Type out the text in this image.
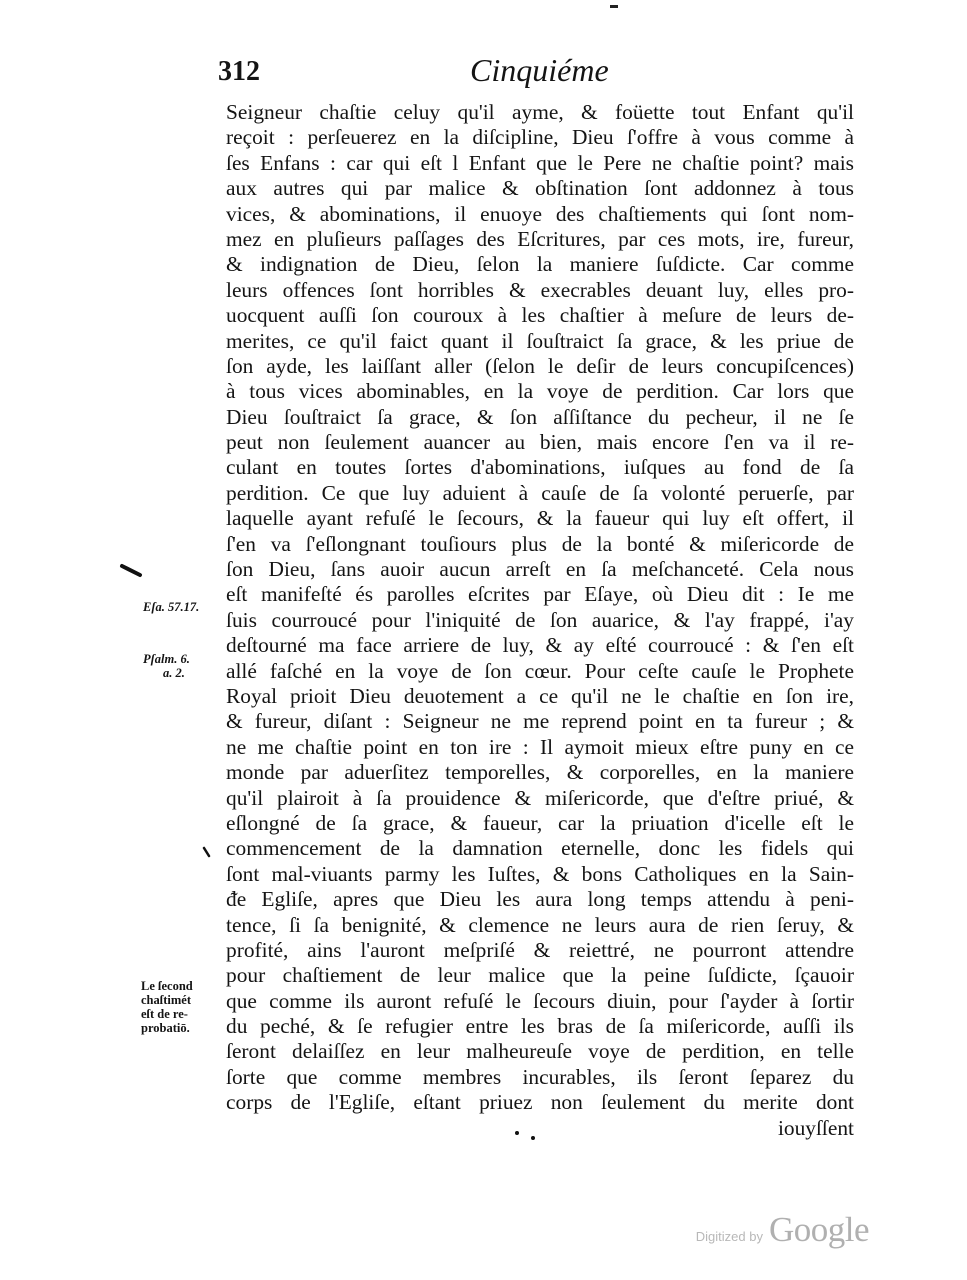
312	Cinquiéme
Seigneur chaſtie celuy qu'il ayme, & foüette tout Enfant qu'il
reçoit : perſeuerez en la diſcipline, Dieu ſ'offre à vous comme à
ſes Enfans : car qui eſt l Enfant que le Pere ne chaſtie point? mais
aux autres qui par malice & obſtination ſont addonnez à tous
vices, & abominations, il enuoye des chaſtiements qui ſont nom-
mez en pluſieurs paſſages des Eſcritures, par ces mots, ire, fureur,
& indignation de Dieu, ſelon la maniere ſuſdicte. Car comme
leurs offences ſont horribles & execrables deuant luy, elles pro-
uocquent auſſi ſon couroux à les chaſtier à meſure de leurs de-
merites, ce qu'il faict quant il ſouſtraict ſa grace, & les priue de
ſon ayde, les laiſſant aller (ſelon le deſir de leurs concupiſcences)
à tous vices abominables, en la voye de perdition. Car lors que
Dieu ſouſtraict ſa grace, & ſon aſſiſtance du pecheur, il ne ſe
peut non ſeulement auancer au bien, mais encore ſ'en va il re-
culant en toutes ſortes d'abominations, iuſques au fond de ſa
perdition. Ce que luy aduient à cauſe de ſa volonté peruerſe, par
laquelle ayant refuſé le ſecours, & la faueur qui luy eſt offert, il
ſ'en va ſ'eſlongnant touſiours plus de la bonté & miſericorde de
ſon Dieu, ſans auoir aucun arreſt en ſa meſchanceté. Cela nous
eſt manifeſté és parolles eſcrites par Eſaye, où Dieu dit : Ie me
ſuis courroucé pour l'iniquité de ſon auarice, & l'ay frappé, i'ay
deſtourné ma face arriere de luy, & ay eſté courroucé : & ſ'en eſt
allé faſché en la voye de ſon cœur. Pour ceſte cauſe le Prophete
Royal prioit Dieu deuotement a ce qu'il ne le chaſtie en ſon ire,
& fureur, diſant : Seigneur ne me reprend point en ta fureur ; &
ne me chaſtie point en ton ire : Il aymoit mieux eſtre puny en ce
monde par aduerſitez temporelles, & corporelles, en la maniere
qu'il plairoit à ſa prouidence & miſericorde, que d'eſtre priué, &
eſlongné de ſa grace, & faueur, car la priuation d'icelle eſt le
commencement de la damnation eternelle, donc les fidels qui
ſont mal-viuants parmy les Iuſtes, & bons Catholiques en la Sain-
ᵭe Egliſe, apres que Dieu les aura long temps attendu à peni-
tence, ſi ſa benignité, & clemence ne leurs aura de rien ſeruy, &
profité, ains l'auront meſpriſé & reiettré, ne pourront attendre
pour chaſtiement de leur malice que la peine ſuſdicte, ſçauoir
que comme ils auront refuſé le ſecours diuin, pour ſ'ayder à ſortir
du peché, & ſe refugier entre les bras de ſa miſericorde, auſſi ils
ſeront delaiſſez en leur malheureuſe voye de perdition, en telle
ſorte que comme membres incurables, ils ſeront ſeparez du
corps de l'Egliſe, eſtant priuez non ſeulement du merite dont
iouyſſent
Eſa. 57.17.
Pſalm. 6.
a. 2.
Le ſecond
chaſtimét
eſt de re-
probatiō.
Digitized by Google
